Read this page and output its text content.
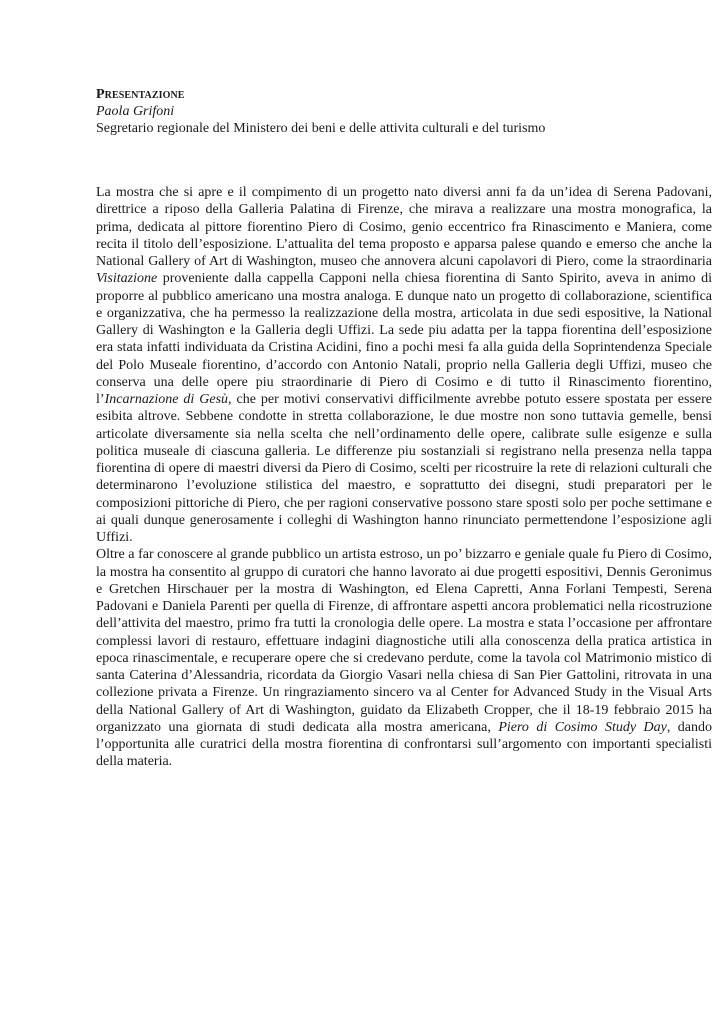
Presentazione
Paola Grifoni
Segretario regionale del Ministero dei beni e delle attivita culturali e del turismo

La mostra che si apre e il compimento di un progetto nato diversi anni fa da un’idea di Serena Padovani, direttrice a riposo della Galleria Palatina di Firenze, che mirava a realizzare una mostra monografica, la prima, dedicata al pittore fiorentino Piero di Cosimo, genio eccentrico fra Rinascimento e Maniera, come recita il titolo dell’esposizione. L’attualita del tema proposto e apparsa palese quando e emerso che anche la National Gallery of Art di Washington, museo che annovera alcuni capolavori di Piero, come la straordinaria Visitazione proveniente dalla cappella Capponi nella chiesa fiorentina di Santo Spirito, aveva in animo di proporre al pubblico americano una mostra analoga. E dunque nato un progetto di collaborazione, scientifica e organizzativa, che ha permesso la realizzazione della mostra, articolata in due sedi espositive, la National Gallery di Washington e la Galleria degli Uffizi. La sede piu adatta per la tappa fiorentina dell’esposizione era stata infatti individuata da Cristina Acidini, fino a pochi mesi fa alla guida della Soprintendenza Speciale del Polo Museale fiorentino, d’accordo con Antonio Natali, proprio nella Galleria degli Uffizi, museo che conserva una delle opere piu straordinarie di Piero di Cosimo e di tutto il Rinascimento fiorentino, l’Incarnazione di Gesù, che per motivi conservativi difficilmente avrebbe potuto essere spostata per essere esibita altrove. Sebbene condotte in stretta collaborazione, le due mostre non sono tuttavia gemelle, bensi articolate diversamente sia nella scelta che nell’ordinamento delle opere, calibrate sulle esigenze e sulla politica museale di ciascuna galleria. Le differenze piu sostanziali si registrano nella presenza nella tappa fiorentina di opere di maestri diversi da Piero di Cosimo, scelti per ricostruire la rete di relazioni culturali che determinarono l’evoluzione stilistica del maestro, e soprattutto dei disegni, studi preparatori per le composizioni pittoriche di Piero, che per ragioni conservative possono stare sposti solo per poche settimane e ai quali dunque generosamente i colleghi di Washington hanno rinunciato permettendone l’esposizione agli Uffizi.

Oltre a far conoscere al grande pubblico un artista estroso, un po’ bizzarro e geniale quale fu Piero di Cosimo, la mostra ha consentito al gruppo di curatori che hanno lavorato ai due progetti espositivi, Dennis Geronimus e Gretchen Hirschauer per la mostra di Washington, ed Elena Capretti, Anna Forlani Tempesti, Serena Padovani e Daniela Parenti per quella di Firenze, di affrontare aspetti ancora problematici nella ricostruzione dell’attivita del maestro, primo fra tutti la cronologia delle opere. La mostra e stata l’occasione per affrontare complessi lavori di restauro, effettuare indagini diagnostiche utili alla conoscenza della pratica artistica in epoca rinascimentale, e recuperare opere che si credevano perdute, come la tavola col Matrimonio mistico di santa Caterina d’Alessandria, ricordata da Giorgio Vasari nella chiesa di San Pier Gattolini, ritrovata in una collezione privata a Firenze. Un ringraziamento sincero va al Center for Advanced Study in the Visual Arts della National Gallery of Art di Washington, guidato da Elizabeth Cropper, che il 18-19 febbraio 2015 ha organizzato una giornata di studi dedicata alla mostra americana, Piero di Cosimo Study Day, dando l’opportunita alle curatrici della mostra fiorentina di confrontarsi sull’argomento con importanti specialisti della materia.
